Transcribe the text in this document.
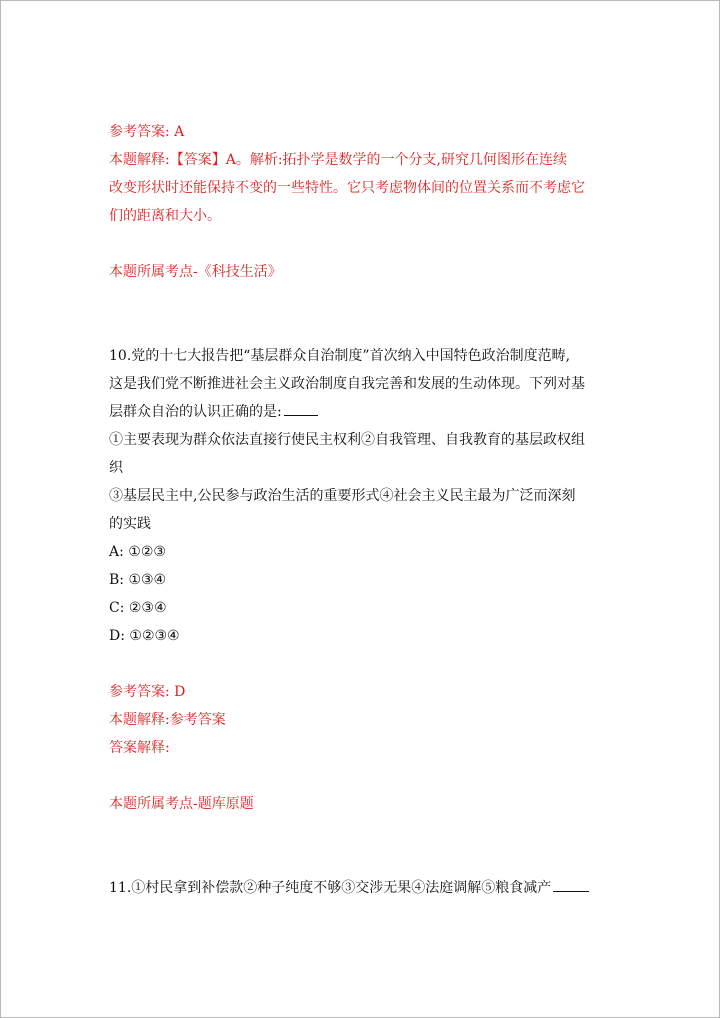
参考答案: A
本题解释:【答案】A。解析:拓扑学是数学的一个分支,研究几何图形在连续
改变形状时还能保持不变的一些特性。它只考虑物体间的位置关系而不考虑它
们的距离和大小。
本题所属考点-《科技生活》
10.党的十七大报告把“基层群众自治制度”首次纳入中国特色政治制度范畴,
这是我们党不断推进社会主义政治制度自我完善和发展的生动体现。下列对基
层群众自治的认识正确的是:
①主要表现为群众依法直接行使民主权利②自我管理、自我教育的基层政权组
织
③基层民主中,公民参与政治生活的重要形式④社会主义民主最为广泛而深刻
的实践
A: ①②③
B: ①③④
C: ②③④
D: ①②③④
参考答案: D
本题解释:参考答案
答案解释:
本题所属考点-题库原题
11.①村民拿到补偿款②种子纯度不够③交涉无果④法庭调解⑤粮食减产
